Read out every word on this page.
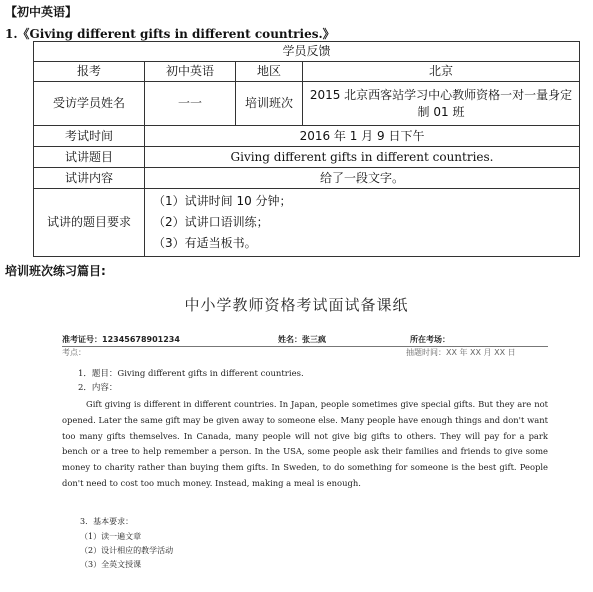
【初中英语】
1.《Giving different gifts in different countries.》
学员反馈			
报考	初中英语	地区	北京
受访学员姓名	一一	培训班次	2015 北京西客站学习中心教师资格一对一量身定制 01 班
考试时间	2016 年 1 月 9 日下午		
试讲题目	Giving different gifts in different countries.		
试讲内容	给了一段文字。		
试讲的题目要求	（1）试讲时间 10 分钟；
（2）试讲口语训练；
（3）有适当板书。		
培训班次练习篇目:
中小学教师资格考试面试备课纸
准考证号：12345678901234	姓名：张三疯	所在考场：
考点：	抽题时间：XX 年 XX 月 XX 日
1．题目：Giving different gifts in different countries.
2．内容：
Gift giving is different in different countries. In Japan, people sometimes give special gifts. But they are not opened. Later the same gift may be given away to someone else. Many people have enough things and don't want too many gifts themselves. In Canada, many people will not give big gifts to others. They will pay for a park bench or a tree to help remember a person. In the USA, some people ask their families and friends to give some money to charity rather than buying them gifts. In Sweden, to do something for someone is the best gift. People don't need to cost too much money. Instead, making a meal is enough.
3．基本要求：
（1）读一遍文章
（2）设计相应的教学活动
（3）全英文授课
